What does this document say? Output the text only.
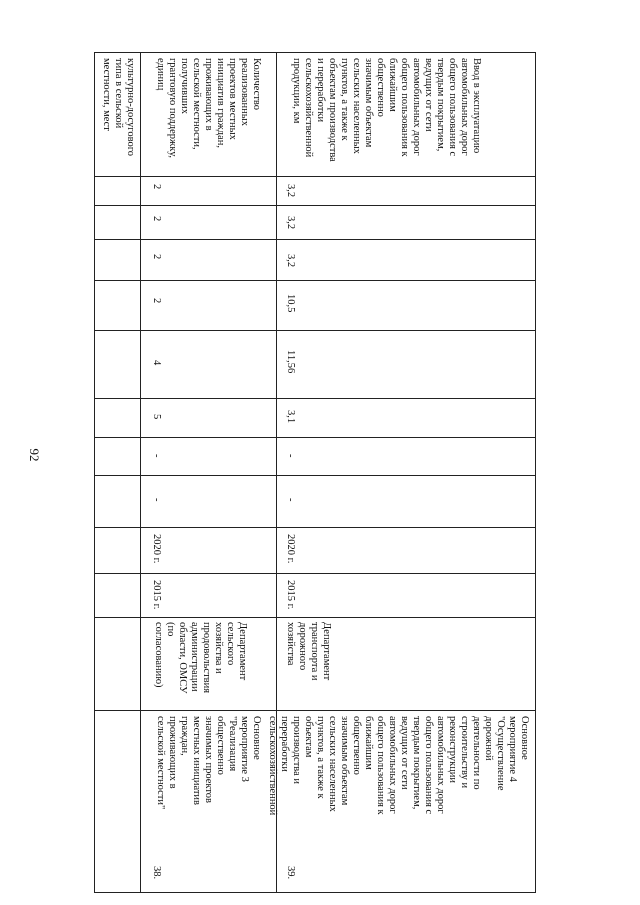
92
культурно-досугового
типа в сельской
местности, мест
Количество
реализованных
проектов местных
инициатив граждан,
проживающих в
сельской местности,
получивших
грантовую поддержку,
единиц
2
2
2
2
4
5
-
-
2020 г.
2015 г.
Департамент
сельского
хозяйства и
продовольствия
администрации
области, ОМСУ
(по
согласованию)
Основное
мероприятие 3
"Реализация
общественно
значимых проектов
местных инициатив
граждан,
проживающих в
сельской местности"
38.
Ввод в эксплуатацию
автомобильных дорог
общего пользования с
твердым покрытием,
ведущих от сети
автомобильных дорог
общего пользования к
ближайшим
общественно
значимым объектам
сельских населенных
пунктов, а также к
объектам производства
и переработки
сельскохозяйственной
продукции, км
3,2
3,2
3,2
10,5
11,56
3,1
-
-
2020 г.
2015 г.
Департамент
транспорта и
дорожного
хозяйства
Основное
мероприятие 4
"Осуществление
дорожной
деятельности по
строительству и
реконструкции
автомобильных дорог
общего пользования с
твердым покрытием,
ведущих от сети
автомобильных дорог
общего пользования к
ближайшим
общественно
значимым объектам
сельских населенных
пунктов, а также к
объектам
производства и
переработки
сельскохозяйственной
39.
